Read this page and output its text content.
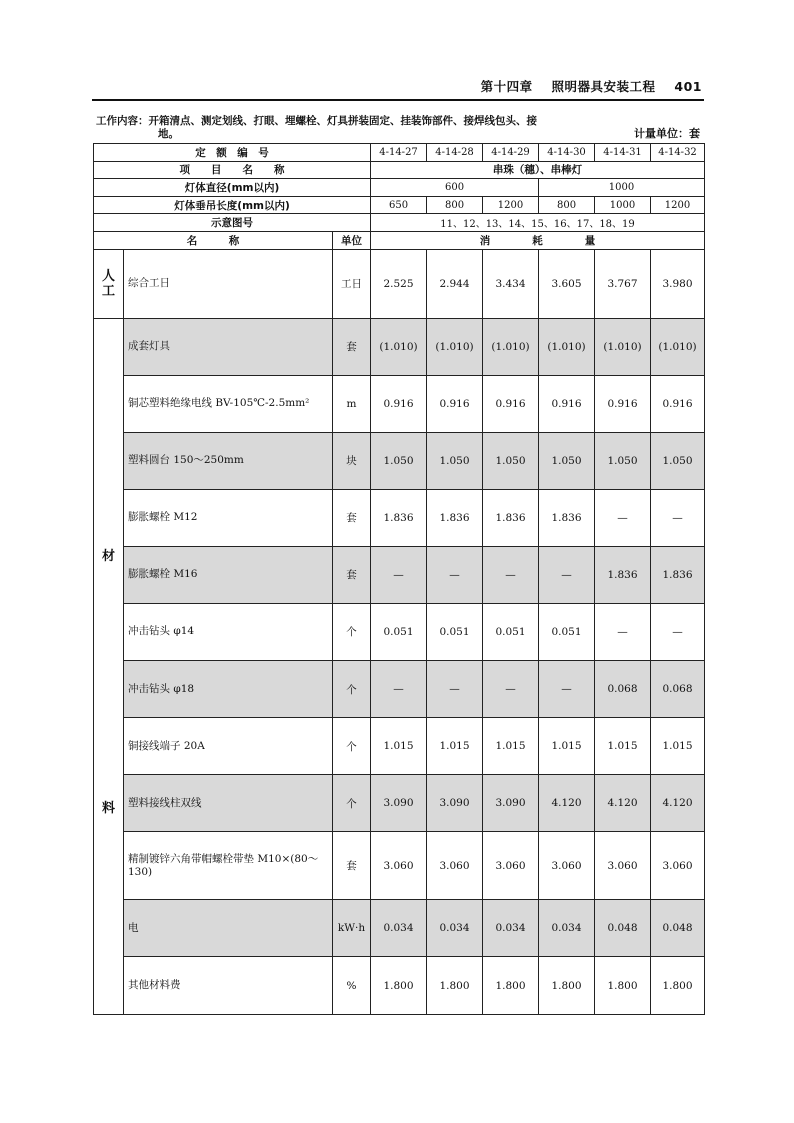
第十四章 照明器具安装工程 401
工作内容：开箱清点、测定划线、打眼、埋螺栓、灯具拼装固定、挂装饰部件、接焊线包头、接
地。	计量单位：套
定　额　编　号			4-14-27	4-14-28	4-14-29	4-14-30	4-14-31	4-14-32
项　　目　　名　　称			串珠（穗）、串棒灯					
灯体直径(mm以内)			600			1000		
灯体垂吊长度(mm以内)			650	800	1200	800	1000	1200
示意图号			11、12、13、14、15、16、17、18、19					
名　　　称		单位	消　　　　耗　　　　量					
人工	综合工日	工日	2.525	2.944	3.434	3.605	3.767	3.980

材
料	成套灯具	套	(1.010)	(1.010)	(1.010)	(1.010)	(1.010)	(1.010)
	铜芯塑料绝缘电线 BV-105℃-2.5mm²	m	0.916	0.916	0.916	0.916	0.916	0.916
	塑料圆台 150～250mm	块	1.050	1.050	1.050	1.050	1.050	1.050
	膨胀螺栓 M12	套	1.836	1.836	1.836	1.836	—	—
	膨胀螺栓 M16	套	—	—	—	—	1.836	1.836
	冲击钻头 φ14	个	0.051	0.051	0.051	0.051	—	—
	冲击钻头 φ18	个	—	—	—	—	0.068	0.068
	铜接线端子 20A	个	1.015	1.015	1.015	1.015	1.015	1.015
	塑料接线柱双线	个	3.090	3.090	3.090	4.120	4.120	4.120
	精制镀锌六角带帽螺栓带垫 M10×(80～130)	套	3.060	3.060	3.060	3.060	3.060	3.060
	电	kW·h	0.034	0.034	0.034	0.034	0.048	0.048
	其他材料费	%	1.800	1.800	1.800	1.800	1.800	1.800
